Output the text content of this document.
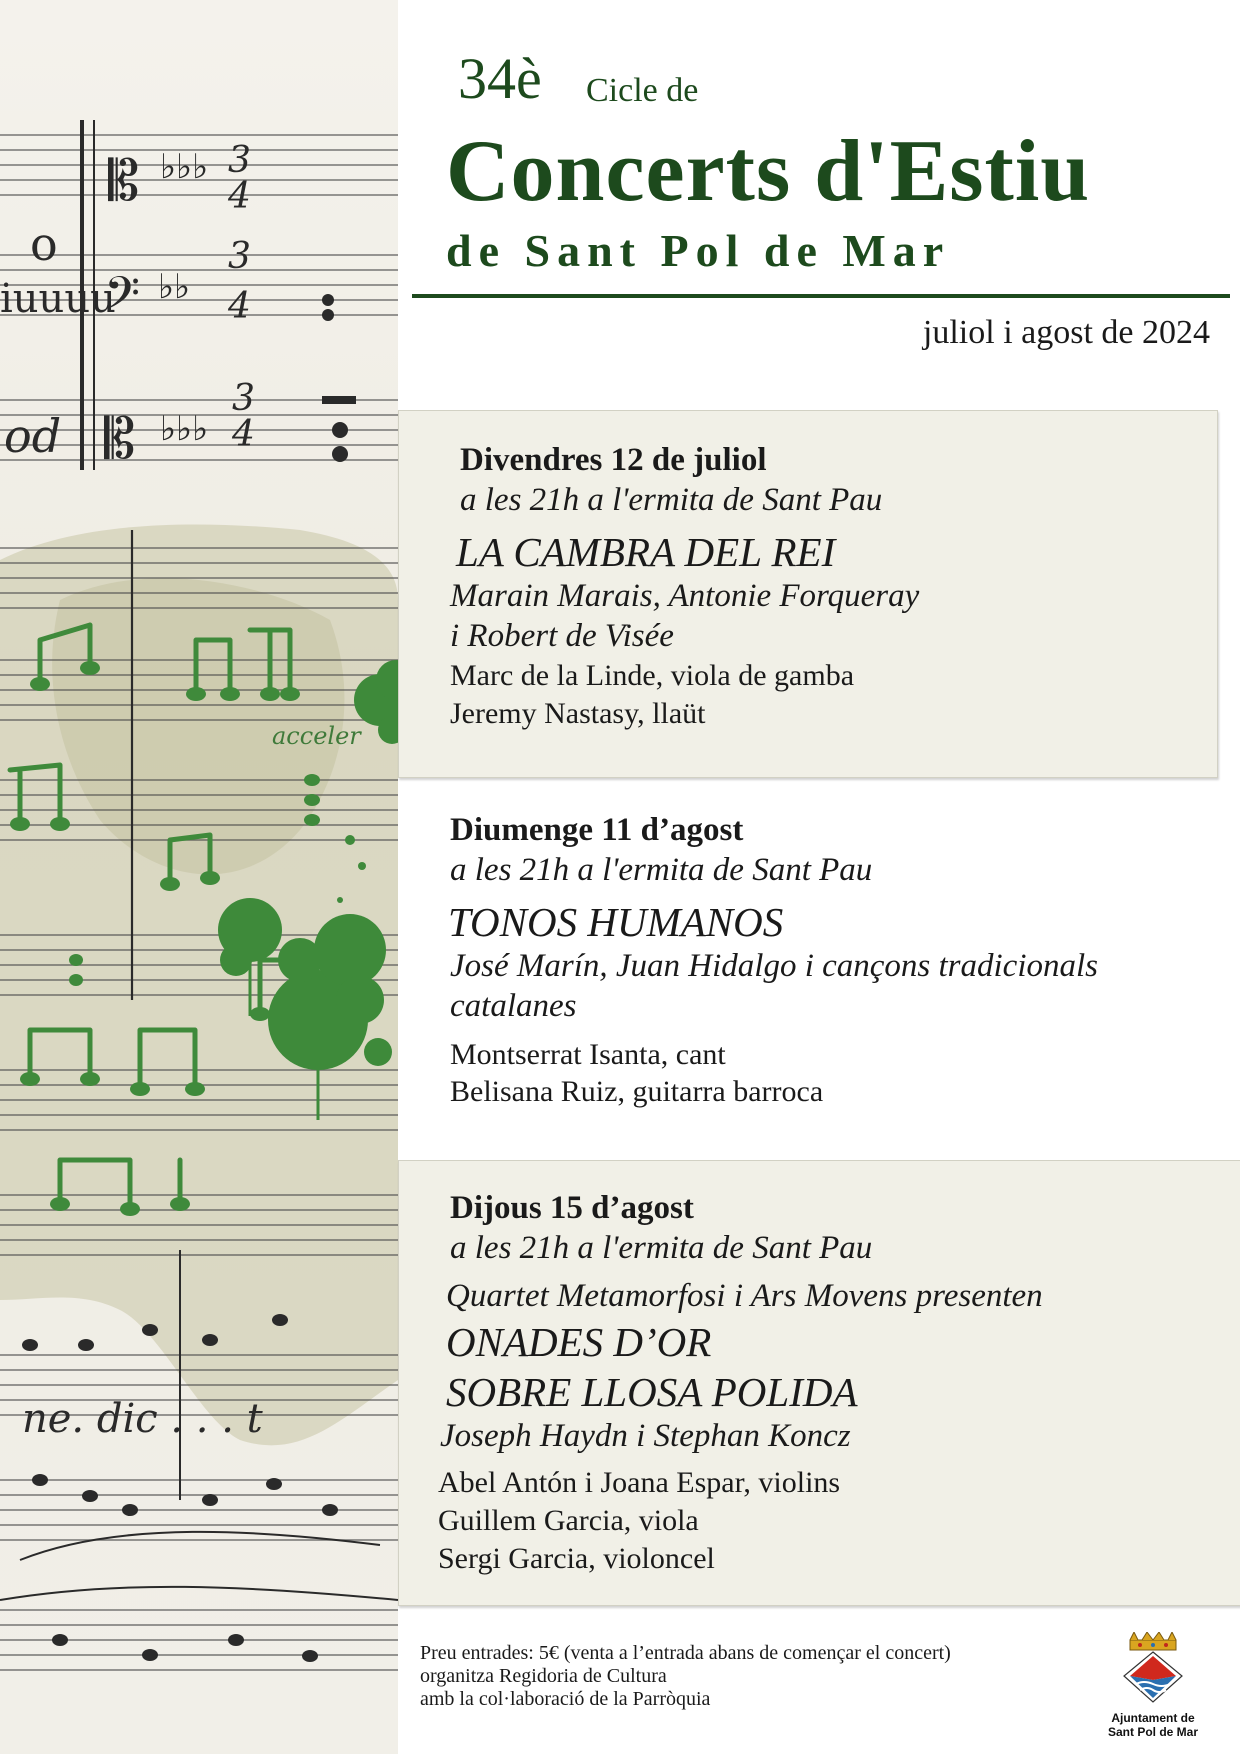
𝄡 ♭♭♭ 3
4
𝄢 ♭♭
3
4
𝄡 ♭♭♭
3
4
o
iuuuu
od
acceler
ne. dic . . . t
34è Cicle de
Concerts d'Estiu
de Sant Pol de Mar
juliol i agost de 2024
Divendres 12 de juliol
a les 21h a l'ermita de Sant Pau
LA CAMBRA DEL REI
Marain Marais, Antonie Forqueray
i Robert de Visée
Marc de la Linde, viola de gamba
Jeremy Nastasy, llaüt
Diumenge 11 d’agost
a les 21h a l'ermita de Sant Pau
TONOS HUMANOS
José Marín, Juan Hidalgo i cançons tradicionals
catalanes
Montserrat Isanta, cant
Belisana Ruiz, guitarra barroca
Dijous 15 d’agost
a les 21h a l'ermita de Sant Pau
Quartet Metamorfosi i Ars Movens presenten
ONADES D’OR
SOBRE LLOSA POLIDA
Joseph Haydn i Stephan Koncz
Abel Antón i Joana Espar, violins
Guillem Garcia, viola
Sergi Garcia, violoncel
Preu entrades: 5€ (venta a l’entrada abans de començar el concert)
organitza Regidoria de Cultura
amb la col·laboració de la Parròquia
Ajuntament de
Sant Pol de Mar
